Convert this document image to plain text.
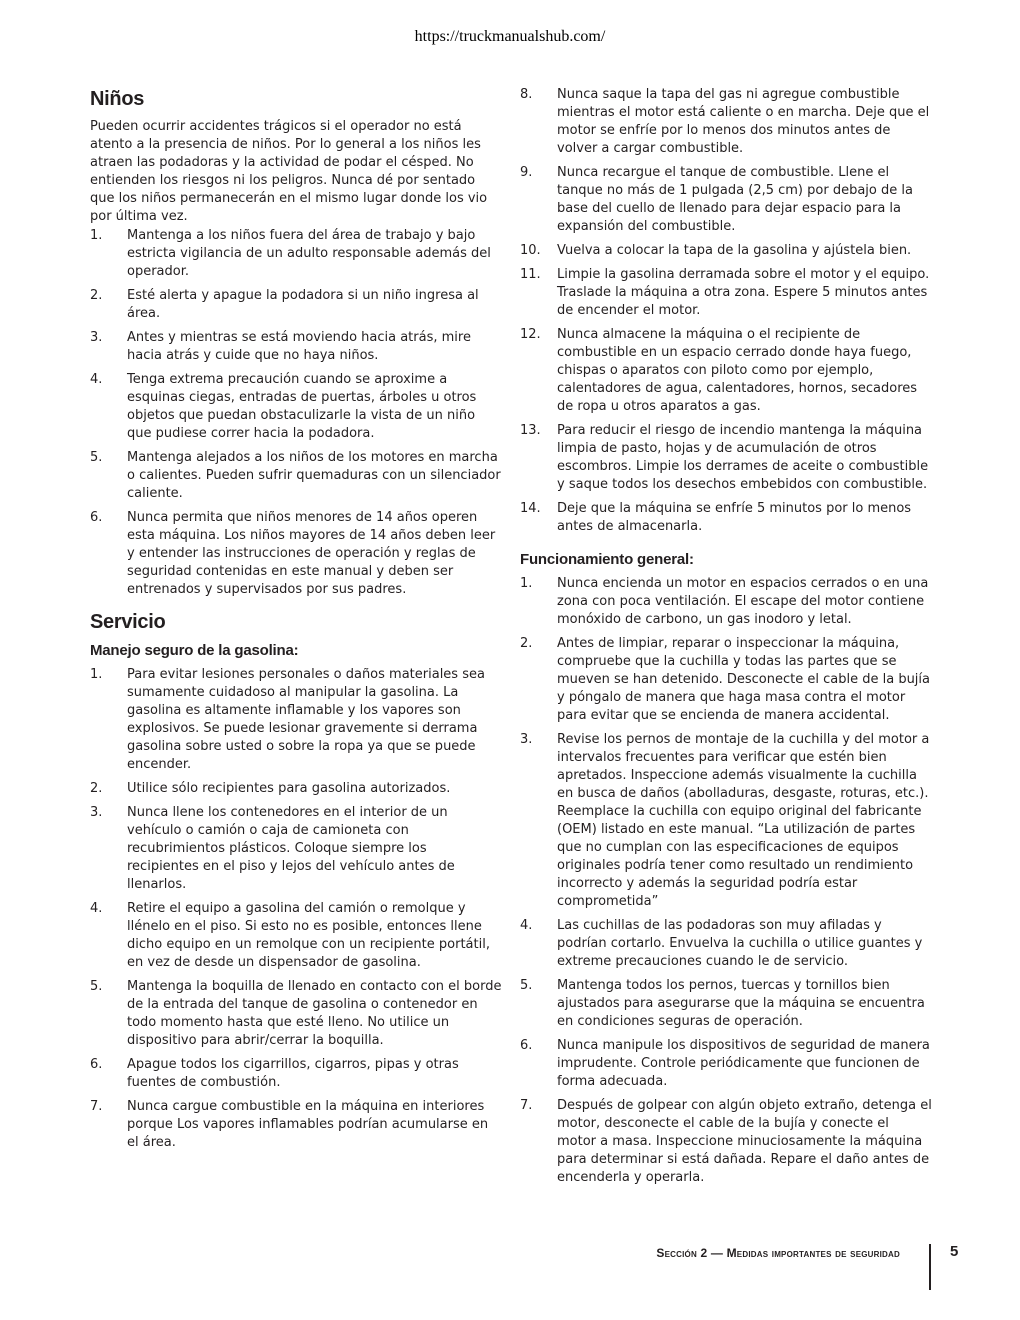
https://truckmanualshub.com/
Niños

Pueden ocurrir accidentes trágicos si el operador no está atento a la presencia de niños. Por lo general a los niños les atraen las podadoras y la actividad de podar el césped. No entienden los riesgos ni los peligros. Nunca dé por sentado que los niños permanecerán en el mismo lugar donde los vio por última vez.

1. Mantenga a los niños fuera del área de trabajo y bajo estricta vigilancia de un adulto responsable además del operador.
2. Esté alerta y apague la podadora si un niño ingresa al área.
3. Antes y mientras se está moviendo hacia atrás, mire hacia atrás y cuide que no haya niños.
4. Tenga extrema precaución cuando se aproxime a esquinas ciegas, entradas de puertas, árboles u otros objetos que puedan obstaculizarle la vista de un niño que pudiese correr hacia la podadora.
5. Mantenga alejados a los niños de los motores en marcha o calientes. Pueden sufrir quemaduras con un silenciador caliente.
6. Nunca permita que niños menores de 14 años operen esta máquina. Los niños mayores de 14 años deben leer y entender las instrucciones de operación y reglas de seguridad contenidas en este manual y deben ser entrenados y supervisados por sus padres.
Servicio
Manejo seguro de la gasolina:
1. Para evitar lesiones personales o daños materiales sea sumamente cuidadoso al manipular la gasolina. La gasolina es altamente inflamable y los vapores son explosivos. Se puede lesionar gravemente si derrama gasolina sobre usted o sobre la ropa ya que se puede encender.
2. Utilice sólo recipientes para gasolina autorizados.
3. Nunca llene los contenedores en el interior de un vehículo o camión o caja de camioneta con recubrimientos plásticos. Coloque siempre los recipientes en el piso y lejos del vehículo antes de llenarlos.
4. Retire el equipo a gasolina del camión o remolque y llénelo en el piso. Si esto no es posible, entonces llene dicho equipo en un remolque con un recipiente portátil, en vez de desde un dispensador de gasolina.
5. Mantenga la boquilla de llenado en contacto con el borde de la entrada del tanque de gasolina o contenedor en todo momento hasta que esté lleno. No utilice un dispositivo para abrir/cerrar la boquilla.
6. Apague todos los cigarrillos, cigarros, pipas y otras fuentes de combustión.
7. Nunca cargue combustible en la máquina en interiores porque Los vapores inflamables podrían acumularse en el área.
8. Nunca saque la tapa del gas ni agregue combustible mientras el motor está caliente o en marcha. Deje que el motor se enfríe por lo menos dos minutos antes de volver a cargar combustible.
9. Nunca recargue el tanque de combustible. Llene el tanque no más de 1 pulgada (2,5 cm) por debajo de la base del cuello de llenado para dejar espacio para la expansión del combustible.
10. Vuelva a colocar la tapa de la gasolina y ajústela bien.
11. Limpie la gasolina derramada sobre el motor y el equipo. Traslade la máquina a otra zona. Espere 5 minutos antes de encender el motor.
12. Nunca almacene la máquina o el recipiente de combustible en un espacio cerrado donde haya fuego, chispas o aparatos con piloto como por ejemplo, calentadores de agua, calentadores, hornos, secadores de ropa u otros aparatos a gas.
13. Para reducir el riesgo de incendio mantenga la máquina limpia de pasto, hojas y de acumulación de otros escombros. Limpie los derrames de aceite o combustible y saque todos los desechos embebidos con combustible.
14. Deje que la máquina se enfríe 5 minutos por lo menos antes de almacenarla.
Funcionamiento general:
1. Nunca encienda un motor en espacios cerrados o en una zona con poca ventilación. El escape del motor contiene monóxido de carbono, un gas inodoro y letal.
2. Antes de limpiar, reparar o inspeccionar la máquina, compruebe que la cuchilla y todas las partes que se mueven se han detenido. Desconecte el cable de la bujía y póngalo de manera que haga masa contra el motor para evitar que se encienda de manera accidental.
3. Revise los pernos de montaje de la cuchilla y del motor a intervalos frecuentes para verificar que estén bien apretados. Inspeccione además visualmente la cuchilla en busca de daños (abolladuras, desgaste, roturas, etc.). Reemplace la cuchilla con equipo original del fabricante (OEM) listado en este manual. “La utilización de partes que no cumplan con las especificaciones de equipos originales podría tener como resultado un rendimiento incorrecto y además la seguridad podría estar comprometida”
4. Las cuchillas de las podadoras son muy afiladas y podrían cortarlo. Envuelva la cuchilla o utilice guantes y extreme precauciones cuando le de servicio.
5. Mantenga todos los pernos, tuercas y tornillos bien ajustados para asegurarse que la máquina se encuentra en condiciones seguras de operación.
6. Nunca manipule los dispositivos de seguridad de manera imprudente. Controle periódicamente que funcionen de forma adecuada.
7. Después de golpear con algún objeto extraño, detenga el motor, desconecte el cable de la bujía y conecte el motor a masa. Inspeccione minuciosamente la máquina para determinar si está dañada. Repare el daño antes de encenderla y operarla.
Sección 2 — Medidas importantes de seguridad	5
